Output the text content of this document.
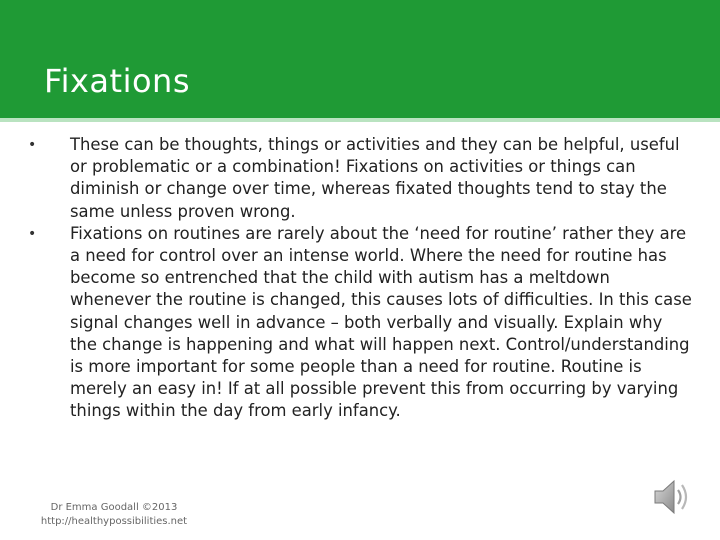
Fixations
• These can be thoughts, things or activities and they can be helpful, useful or problematic or a combination! Fixations on activities or things can diminish or change over time, whereas fixated thoughts tend to stay the same unless proven wrong.
• Fixations on routines are rarely about the ‘need for routine’ rather they are a need for control over an intense world. Where the need for routine has become so entrenched that the child with autism has a meltdown whenever the routine is changed, this causes lots of difficulties. In this case signal changes well in advance – both verbally and visually. Explain why the change is happening and what will happen next. Control/understanding is more important for some people than a need for routine. Routine is merely an easy in! If at all possible prevent this from occurring by varying things within the day from early infancy.
Dr Emma Goodall ©2013
http://healthypossibilities.net
